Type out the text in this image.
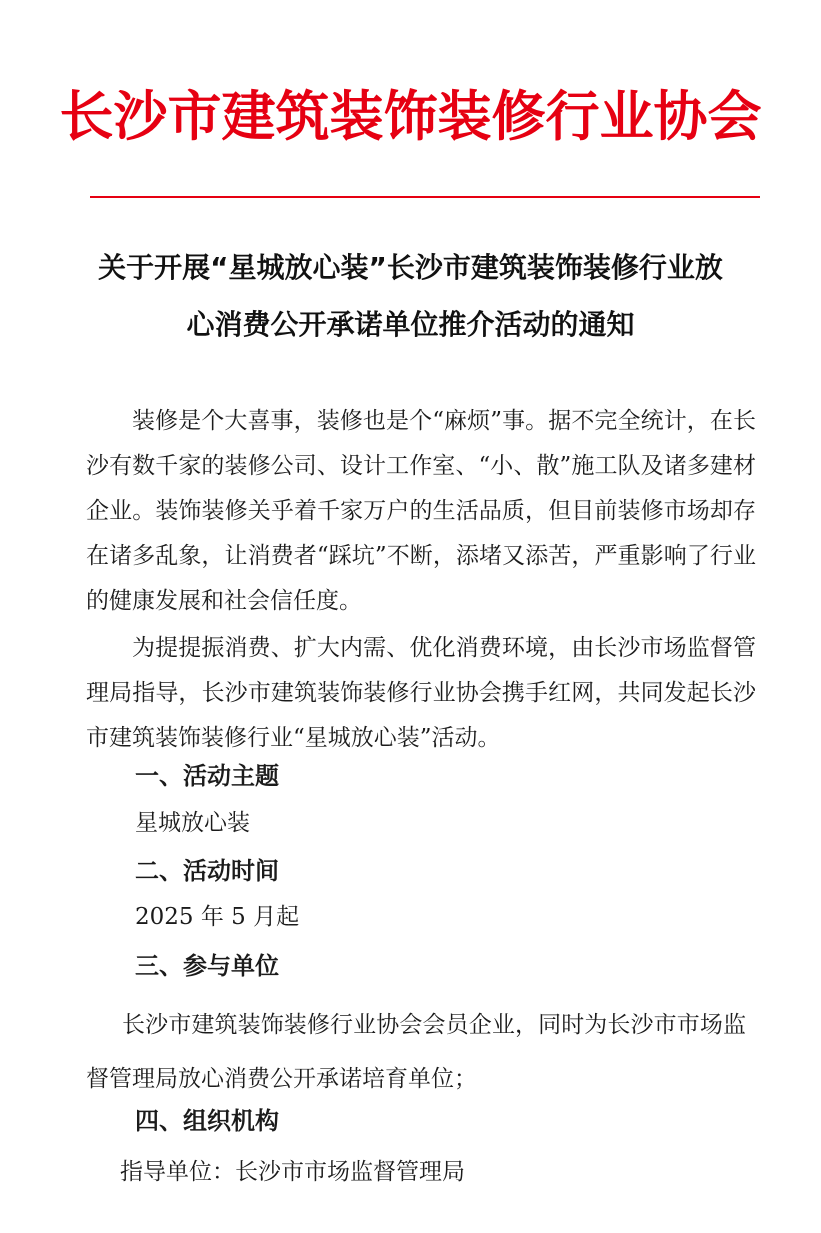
长沙市建筑装饰装修行业协会
关于开展“星城放心装”长沙市建筑装饰装修行业放
心消费公开承诺单位推介活动的通知

装修是个大喜事，装修也是个“麻烦”事。据不完全统计，在长沙有数千家的装修公司、设计工作室、“小、散”施工队及诸多建材企业。装饰装修关乎着千家万户的生活品质，但目前装修市场却存在诸多乱象，让消费者“踩坑”不断，添堵又添苦，严重影响了行业的健康发展和社会信任度。

为提提振消费、扩大内需、优化消费环境，由长沙市场监督管理局指导，长沙市建筑装饰装修行业协会携手红网，共同发起长沙市建筑装饰装修行业“星城放心装”活动。

一、活动主题
星城放心装
二、活动时间
2025 年 5 月起
三、参与单位

长沙市建筑装饰装修行业协会会员企业，同时为长沙市市场监督管理局放心消费公开承诺培育单位；

四、组织机构
指导单位：长沙市市场监督管理局
